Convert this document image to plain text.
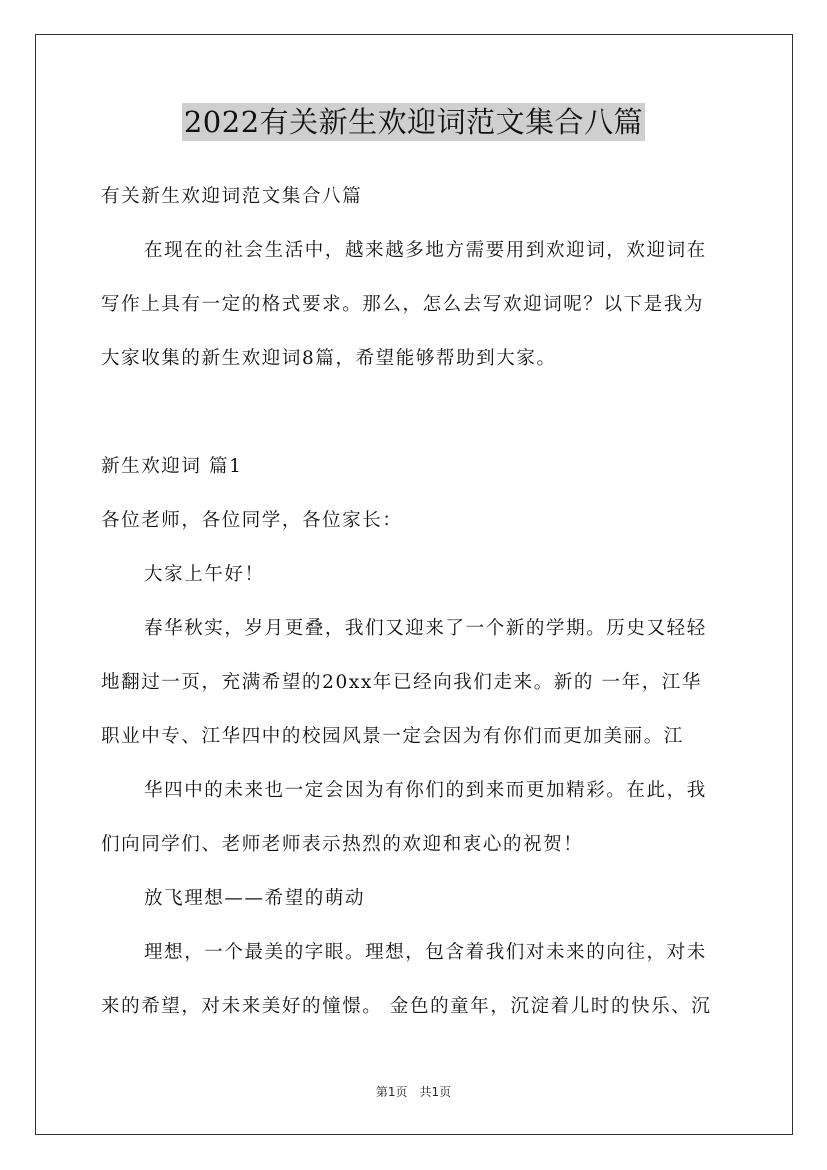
2022有关新生欢迎词范文集合八篇
有关新生欢迎词范文集合八篇
在现在的社会生活中，越来越多地方需要用到欢迎词，欢迎词在
写作上具有一定的格式要求。那么，怎么去写欢迎词呢？以下是我为
大家收集的新生欢迎词8篇，希望能够帮助到大家。
新生欢迎词 篇1
各位老师，各位同学，各位家长：
大家上午好！
春华秋实，岁月更叠，我们又迎来了一个新的学期。历史又轻轻
地翻过一页，充满希望的20xx年已经向我们走来。新的 一年，江华
职业中专、江华四中的校园风景一定会因为有你们而更加美丽。江
华四中的未来也一定会因为有你们的到来而更加精彩。在此，我
们向同学们、老师老师表示热烈的欢迎和衷心的祝贺！
放飞理想——希望的萌动
理想，一个最美的字眼。理想，包含着我们对未来的向往，对未
来的希望，对未来美好的憧憬。 金色的童年，沉淀着儿时的快乐、沉
第1页　共1页
